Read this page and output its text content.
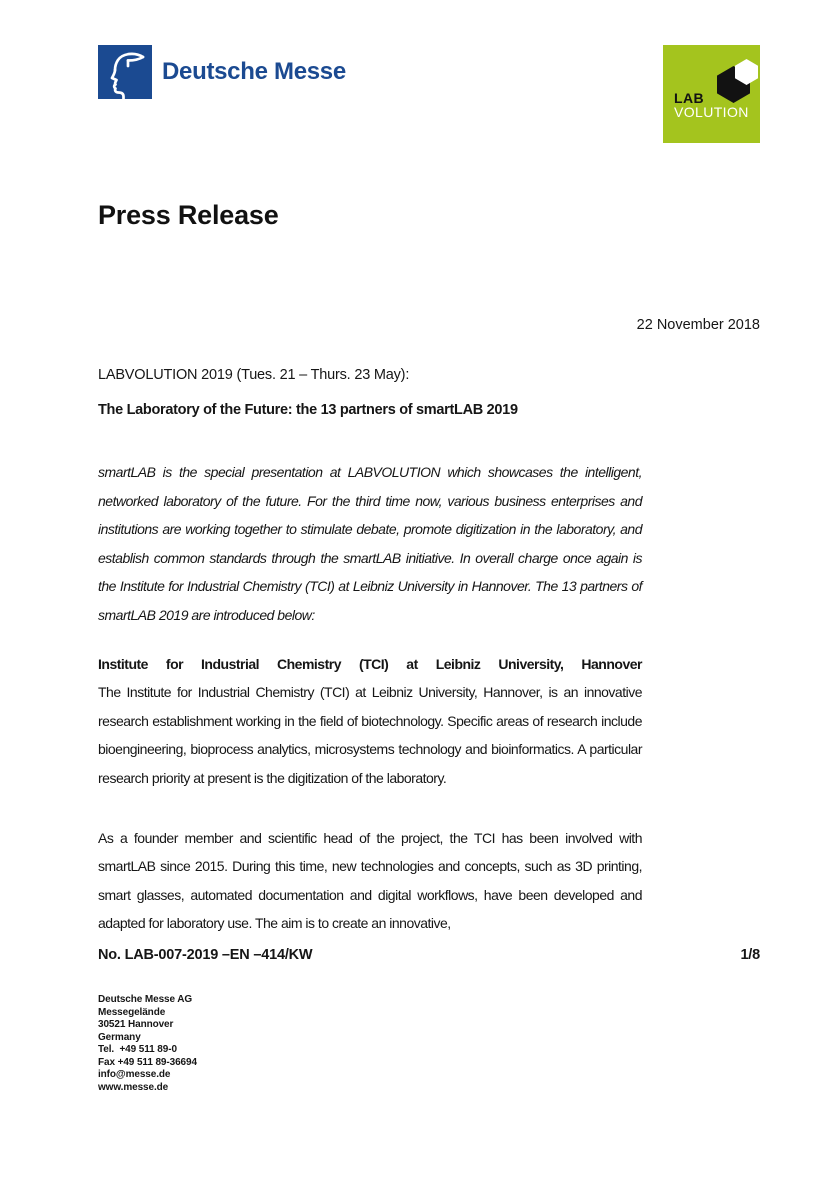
Deutsche Messe
LAB
VOLUTION
Press Release
22 November 2018
LABVOLUTION 2019 (Tues. 21 – Thurs. 23 May):
The Laboratory of the Future: the 13 partners of smartLAB 2019
smartLAB is the special presentation at LABVOLUTION which showcases the intelligent, networked laboratory of the future. For the third time now, various business enterprises and institutions are working together to stimulate debate, promote digitization in the laboratory, and establish common standards through the smartLAB initiative. In overall charge once again is the Institute for Industrial Chemistry (TCI) at Leibniz University in Hannover. The 13 partners of smartLAB 2019 are introduced below:
Institute for Industrial Chemistry (TCI) at Leibniz University, Hannover
The Institute for Industrial Chemistry (TCI) at Leibniz University, Hannover, is an innovative research establishment working in the field of biotechnology. Specific areas of research include bioengineering, bioprocess analytics, microsystems technology and bioinformatics. A particular research priority at present is the digitization of the laboratory.
As a founder member and scientific head of the project, the TCI has been involved with smartLAB since 2015. During this time, new technologies and concepts, such as 3D printing, smart glasses, automated documentation and digital workflows, have been developed and adapted for laboratory use. The aim is to create an innovative,
No. LAB-007-2019 –EN –414/KW	1/8
Deutsche Messe AG
Messegelände
30521 Hannover
Germany
Tel.  +49 511 89-0
Fax +49 511 89-36694
info@messe.de
www.messe.de
